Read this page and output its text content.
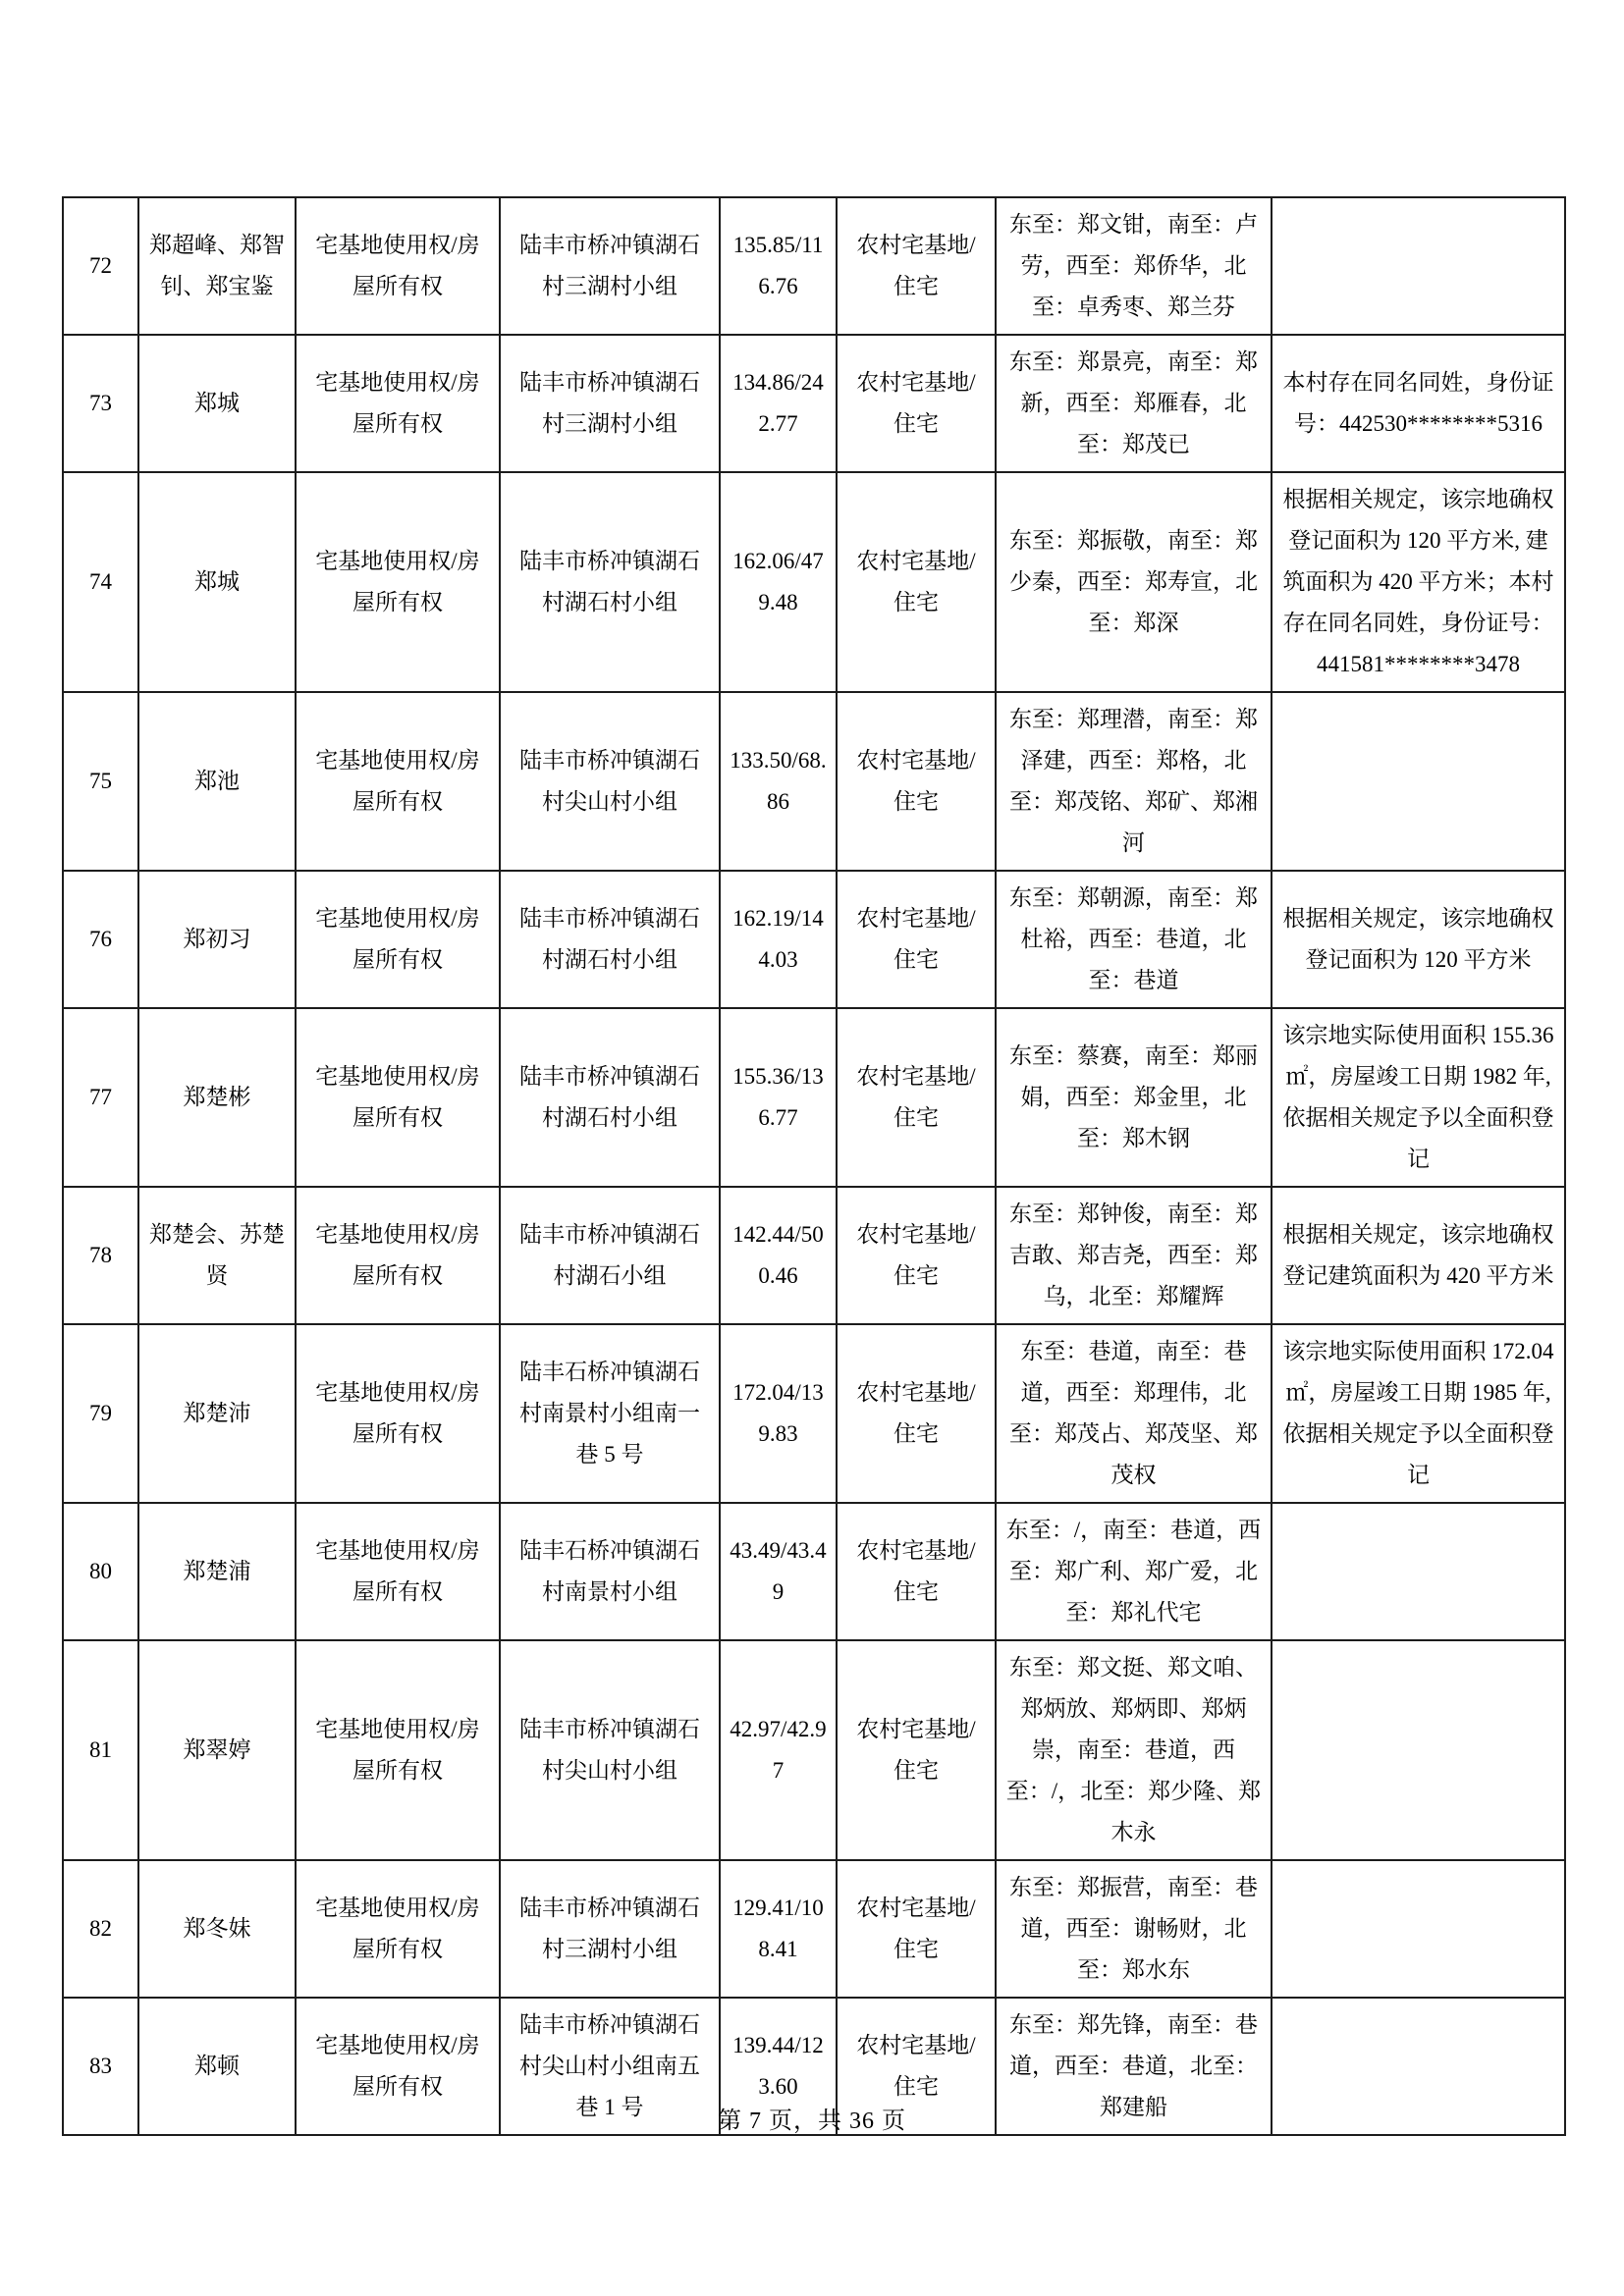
72	郑超峰、郑智钊、郑宝鉴	宅基地使用权/房屋所有权	陆丰市桥冲镇湖石村三湖村小组	135.85/116.76	农村宅基地/住宅	东至：郑文钳，南至：卢劳，西至：郑侨华，北至：卓秀枣、郑兰芬	
73	郑城	宅基地使用权/房屋所有权	陆丰市桥冲镇湖石村三湖村小组	134.86/242.77	农村宅基地/住宅	东至：郑景亮，南至：郑新，西至：郑雁春，北至：郑茂已	本村存在同名同姓，身份证号：442530********5316
74	郑城	宅基地使用权/房屋所有权	陆丰市桥冲镇湖石村湖石村小组	162.06/479.48	农村宅基地/住宅	东至：郑振敬，南至：郑少秦，西至：郑寿宣，北至：郑深	根据相关规定，该宗地确权登记面积为 120 平方米, 建筑面积为 420 平方米；本村存在同名同姓，身份证号： 441581********3478
75	郑池	宅基地使用权/房屋所有权	陆丰市桥冲镇湖石村尖山村小组	133.50/68.86	农村宅基地/住宅	东至：郑理潜，南至：郑泽建，西至：郑格，北至：郑茂铭、郑矿、郑湘河	
76	郑初习	宅基地使用权/房屋所有权	陆丰市桥冲镇湖石村湖石村小组	162.19/144.03	农村宅基地/住宅	东至：郑朝源，南至：郑杜裕，西至：巷道，北至：巷道	根据相关规定，该宗地确权登记面积为 120 平方米
77	郑楚彬	宅基地使用权/房屋所有权	陆丰市桥冲镇湖石村湖石村小组	155.36/136.77	农村宅基地/住宅	东至：蔡赛，南至：郑丽娟，西至：郑金里，北至：郑木钢	该宗地实际使用面积 155.36㎡，房屋竣工日期 1982 年, 依据相关规定予以全面积登记
78	郑楚会、苏楚贤	宅基地使用权/房屋所有权	陆丰市桥冲镇湖石村湖石小组	142.44/500.46	农村宅基地/住宅	东至：郑钟俊，南至：郑吉敢、郑吉尧，西至：郑乌，北至：郑耀辉	根据相关规定，该宗地确权登记建筑面积为 420 平方米
79	郑楚沛	宅基地使用权/房屋所有权	陆丰石桥冲镇湖石村南景村小组南一巷 5 号	172.04/139.83	农村宅基地/住宅	东至：巷道，南至：巷道，西至：郑理伟，北至：郑茂占、郑茂坚、郑茂权	该宗地实际使用面积 172.04㎡，房屋竣工日期 1985 年, 依据相关规定予以全面积登记
80	郑楚浦	宅基地使用权/房屋所有权	陆丰石桥冲镇湖石村南景村小组	43.49/43.49	农村宅基地/住宅	东至：/，南至：巷道，西至：郑广利、郑广爱，北至：郑礼代宅	
81	郑翠婷	宅基地使用权/房屋所有权	陆丰市桥冲镇湖石村尖山村小组	42.97/42.97	农村宅基地/住宅	东至：郑文挺、郑文咱、郑炳放、郑炳即、郑炳崇，南至：巷道，西至：/，北至：郑少隆、郑木永	
82	郑冬妹	宅基地使用权/房屋所有权	陆丰市桥冲镇湖石村三湖村小组	129.41/108.41	农村宅基地/住宅	东至：郑振营，南至：巷道，西至：谢畅财，北至：郑水东	
83	郑顿	宅基地使用权/房屋所有权	陆丰市桥冲镇湖石村尖山村小组南五巷 1 号	139.44/123.60	农村宅基地/住宅	东至：郑先锋，南至：巷道，西至：巷道，北至：郑建船	
第 7 页，共 36 页
